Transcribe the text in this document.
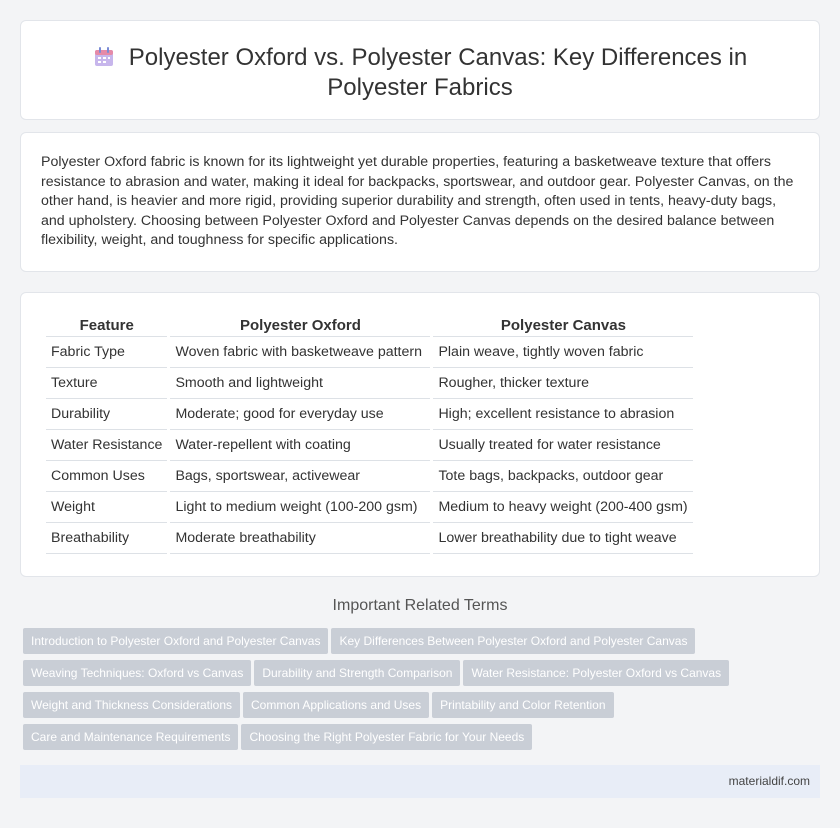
Polyester Oxford vs. Polyester Canvas: Key Differences in Polyester Fabrics

Polyester Oxford fabric is known for its lightweight yet durable properties, featuring a basketweave texture that offers resistance to abrasion and water, making it ideal for backpacks, sportswear, and outdoor gear. Polyester Canvas, on the other hand, is heavier and more rigid, providing superior durability and strength, often used in tents, heavy-duty bags, and upholstery. Choosing between Polyester Oxford and Polyester Canvas depends on the desired balance between flexibility, weight, and toughness for specific applications.

Feature	Polyester Oxford	Polyester Canvas
Fabric Type	Woven fabric with basketweave pattern	Plain weave, tightly woven fabric
Texture	Smooth and lightweight	Rougher, thicker texture
Durability	Moderate; good for everyday use	High; excellent resistance to abrasion
Water Resistance	Water-repellent with coating	Usually treated for water resistance
Common Uses	Bags, sportswear, activewear	Tote bags, backpacks, outdoor gear
Weight	Light to medium weight (100-200 gsm)	Medium to heavy weight (200-400 gsm)
Breathability	Moderate breathability	Lower breathability due to tight weave
Important Related Terms
Introduction to Polyester Oxford and Polyester Canvas Key Differences Between Polyester Oxford and Polyester Canvas
Weaving Techniques: Oxford vs Canvas Durability and Strength Comparison Water Resistance: Polyester Oxford vs Canvas
Weight and Thickness Considerations Common Applications and Uses Printability and Color Retention
Care and Maintenance Requirements Choosing the Right Polyester Fabric for Your Needs
materialdif.com
